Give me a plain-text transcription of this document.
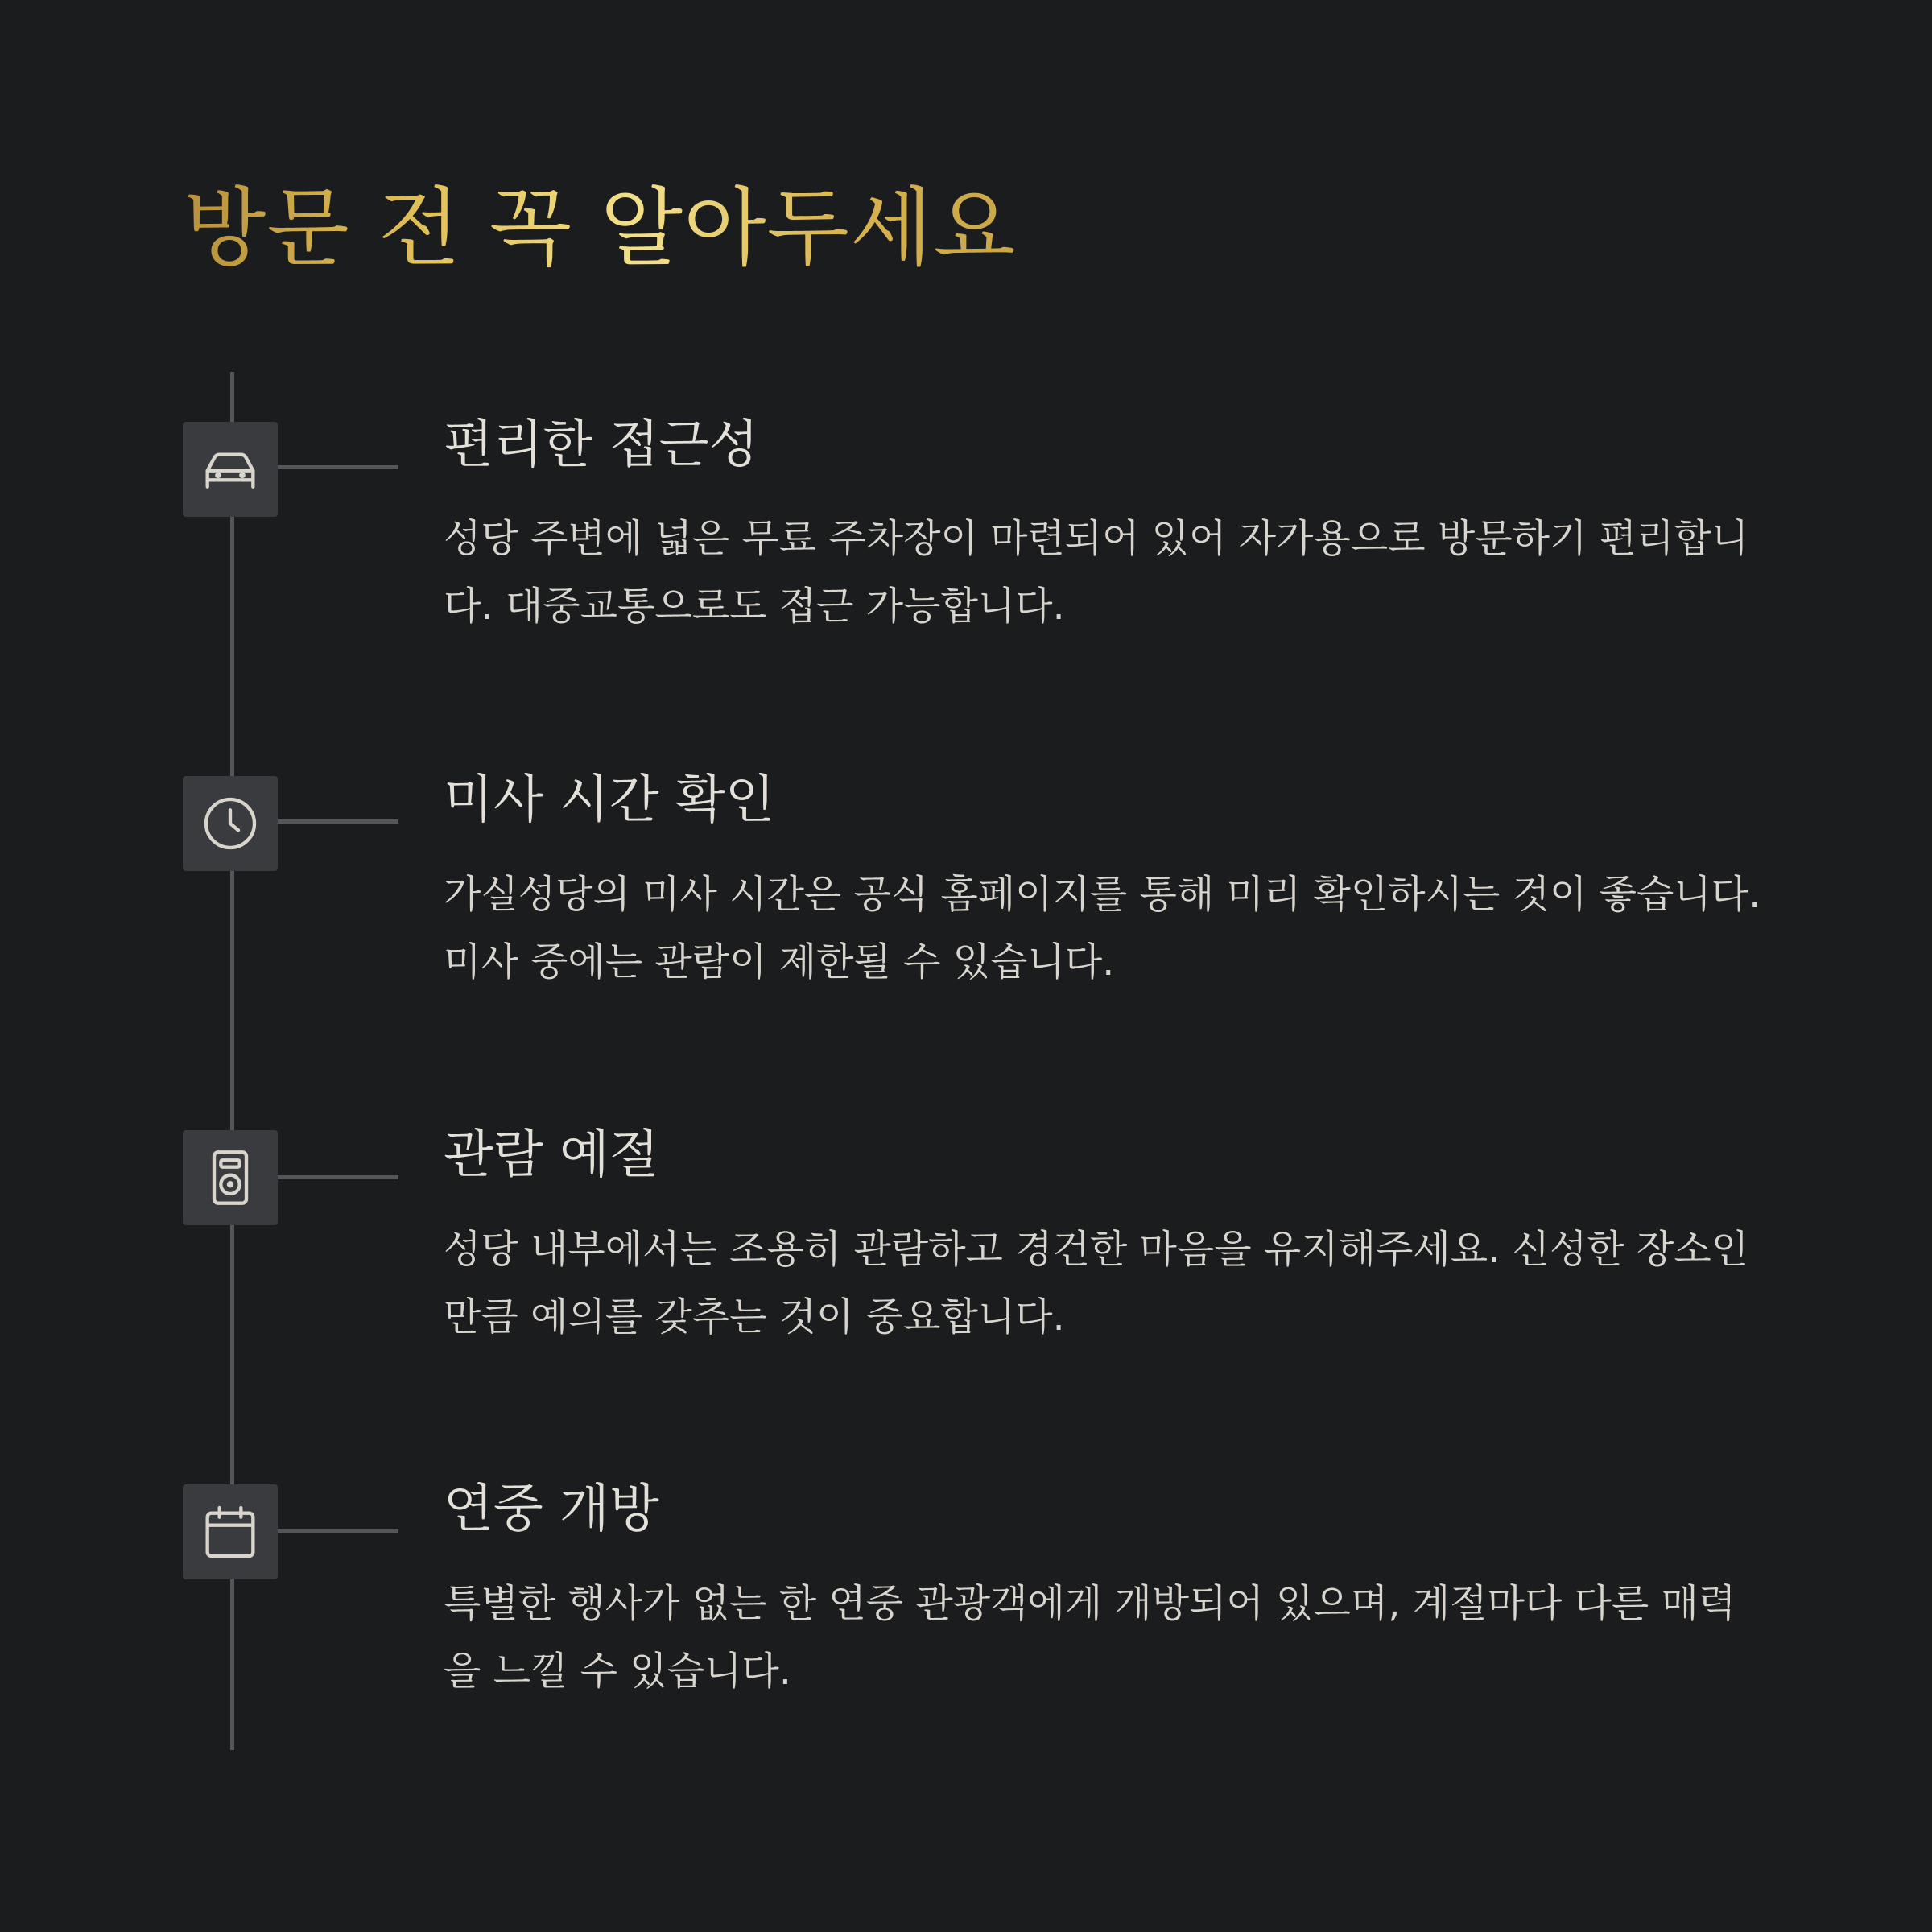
방문 전 꼭 알아두세요
편리한 접근성

성당 주변에 넓은 무료 주차장이 마련되어 있어 자가용으로 방문하기 편리합니다. 대중교통으로도 접근 가능합니다.

미사 시간 확인

가실성당의 미사 시간은 공식 홈페이지를 통해 미리 확인하시는 것이 좋습니다. 미사 중에는 관람이 제한될 수 있습니다.

관람 예절

성당 내부에서는 조용히 관람하고 경건한 마음을 유지해주세요. 신성한 장소인만큼 예의를 갖추는 것이 중요합니다.

연중 개방

특별한 행사가 없는 한 연중 관광객에게 개방되어 있으며, 계절마다 다른 매력을 느낄 수 있습니다.
